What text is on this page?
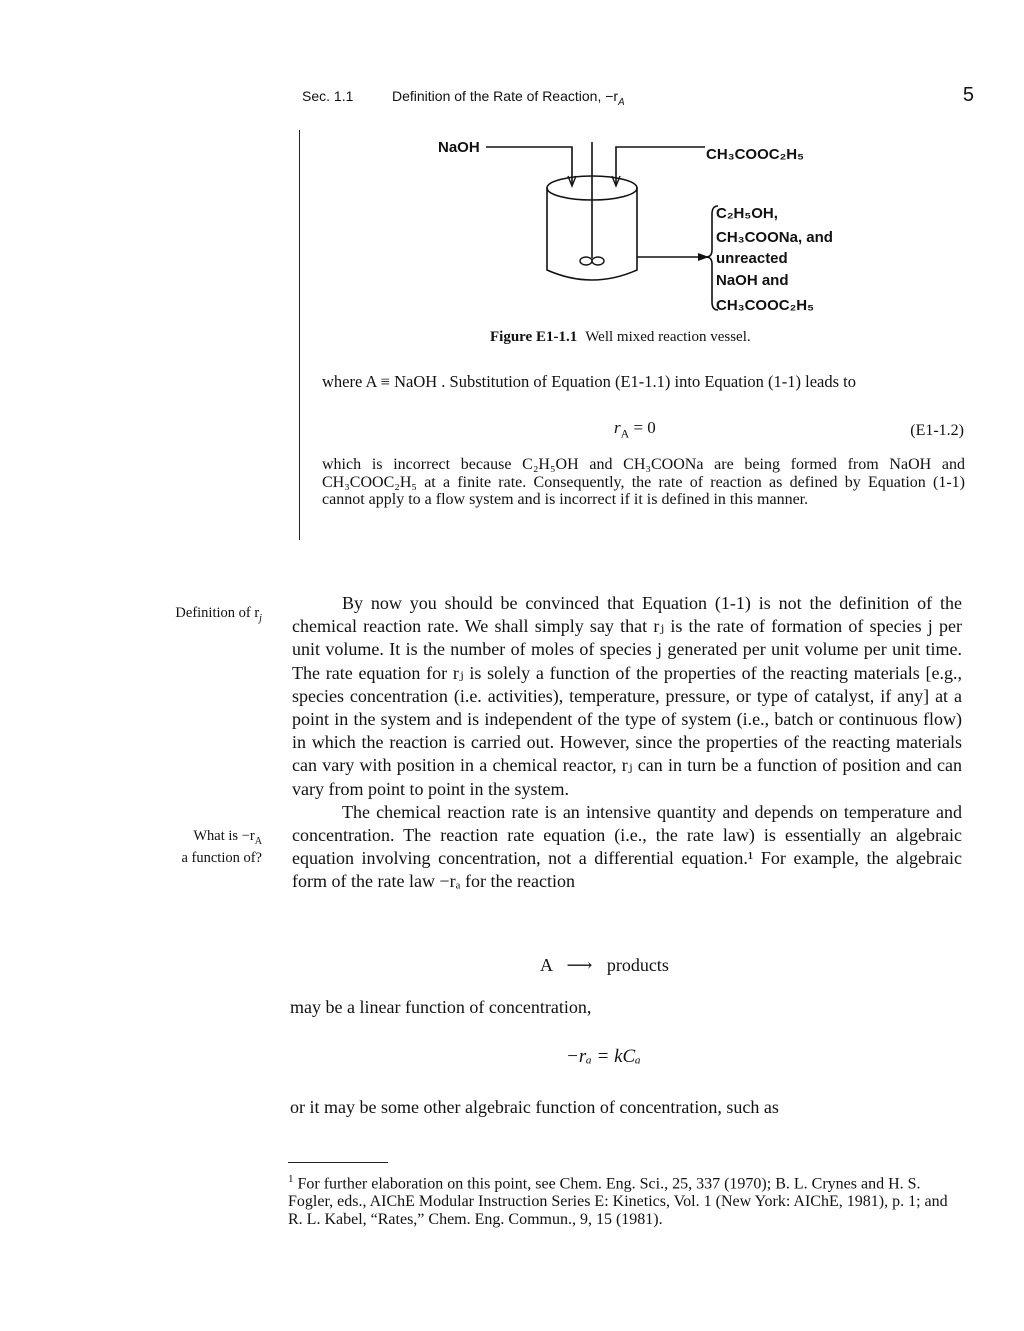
Sec. 1.1	Definition of the Rate of Reaction, $-r_A$	5
NaOH	CH₃COOC₂H₅
C₂H₅OH,
CH₃COONa, and
unreacted
NaOH and
CH₃COOC₂H₅
Figure E1-1.1 Well mixed reaction vessel.
where A ≡ NaOH . Substitution of Equation (E1-1.1) into Equation (1-1) leads to
$r_A = 0$	(E1-1.2)
which is incorrect because C₂H₅OH and CH₃COONa are being formed from NaOH and CH₃COOC₂H₅ at a finite rate. Consequently, the rate of reaction as defined by Equation (1-1) cannot apply to a flow system and is incorrect if it is defined in this manner.
Definition of $r_j$
What is $-r_A$
a function of?
By now you should be convinced that Equation (1-1) is not the definition of the chemical reaction rate. We shall simply say that rⱼ is the rate of formation of species j per unit volume. It is the number of moles of species j generated per unit volume per unit time. The rate equation for rⱼ is solely a function of the properties of the reacting materials [e.g., species concentration (i.e. activities), temperature, pressure, or type of catalyst, if any] at a point in the system and is independent of the type of system (i.e., batch or continuous flow) in which the reaction is carried out. However, since the properties of the reacting materials can vary with position in a chemical reactor, rⱼ can in turn be a function of position and can vary from point to point in the system.
The chemical reaction rate is an intensive quantity and depends on temperature and concentration. The reaction rate equation (i.e., the rate law) is essentially an algebraic equation involving concentration, not a differential equation.¹ For example, the algebraic form of the rate law −rₐ for the reaction
A ⟶ products
may be a linear function of concentration,
−rₐ = kCₐ
or it may be some other algebraic function of concentration, such as
$^1$ For further elaboration on this point, see Chem. Eng. Sci., 25, 337 (1970); B. L. Crynes and H. S. Fogler, eds., AIChE Modular Instruction Series E: Kinetics, Vol. 1 (New York: AIChE, 1981), p. 1; and R. L. Kabel, “Rates,” Chem. Eng. Commun., 9, 15 (1981).
